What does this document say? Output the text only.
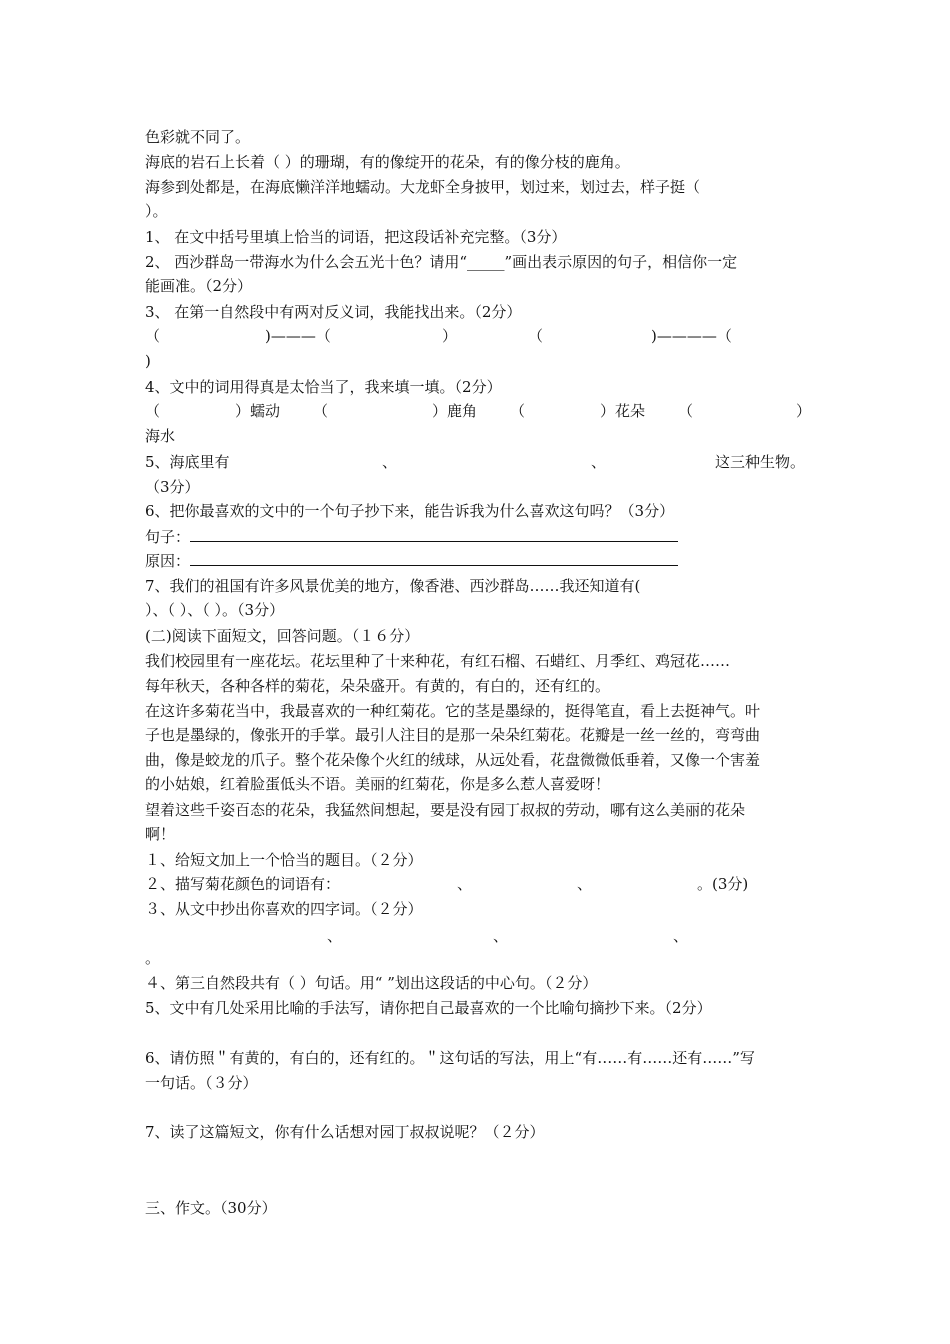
色彩就不同了。
海底的岩石上长着（ ）的珊瑚，有的像绽开的花朵，有的像分枝的鹿角。
海参到处都是，在海底懒洋洋地蠕动。大龙虾全身披甲，划过来，划过去，样子挺（
）。
1、 在文中括号里填上恰当的词语，把这段话补充完整。（3分）
2、 西沙群岛一带海水为什么会五光十色？请用“_____”画出表示原因的句子，相信你一定
能画准。（2分）
3、 在第一自然段中有两对反义词，我能找出来。（2分）
（	)———（	）	（	)————（
)
4、文中的词用得真是太恰当了，我来填一填。（2分）
（	）蠕动 （	）鹿角 （	）花朵 （	）
海水
5、海底里有	、	、	这三种生物。
（3分）
6、把你最喜欢的文中的一个句子抄下来，能告诉我为什么喜欢这句吗？（3分）
句子：
原因：
7、我们的祖国有许多风景优美的地方，像香港、西沙群岛……我还知道有(
）、（ ）、（ ）。（3分）
(二)阅读下面短文，回答问题。（１６分）
我们校园里有一座花坛。花坛里种了十来种花，有红石榴、石蜡红、月季红、鸡冠花……
每年秋天，各种各样的菊花，朵朵盛开。有黄的，有白的，还有红的。
在这许多菊花当中，我最喜欢的一种红菊花。它的茎是墨绿的，挺得笔直，看上去挺神气。叶
子也是墨绿的，像张开的手掌。最引人注目的是那一朵朵红菊花。花瓣是一丝一丝的，弯弯曲
曲，像是蛟龙的爪子。整个花朵像个火红的绒球，从远处看，花盘微微低垂着，又像一个害羞
的小姑娘，红着脸蛋低头不语。美丽的红菊花，你是多么惹人喜爱呀！
望着这些千姿百态的花朵，我猛然间想起，要是没有园丁叔叔的劳动，哪有这么美丽的花朵
啊！
１、给短文加上一个恰当的题目。（２分）
２、描写菊花颜色的词语有：	、	、	。(3分)
３、从文中抄出你喜欢的四字词。（２分）
、	、	、
。
４、第三自然段共有（ ）句话。用“ ”划出这段话的中心句。（２分）
5、文中有几处采用比喻的手法写，请你把自己最喜欢的一个比喻句摘抄下来。（2分）
6、请仿照＂有黄的，有白的，还有红的。＂这句话的写法，用上“有……有……还有……”写
一句话。（３分）
7、读了这篇短文，你有什么话想对园丁叔叔说呢？（２分）
三、作文。（30分）
